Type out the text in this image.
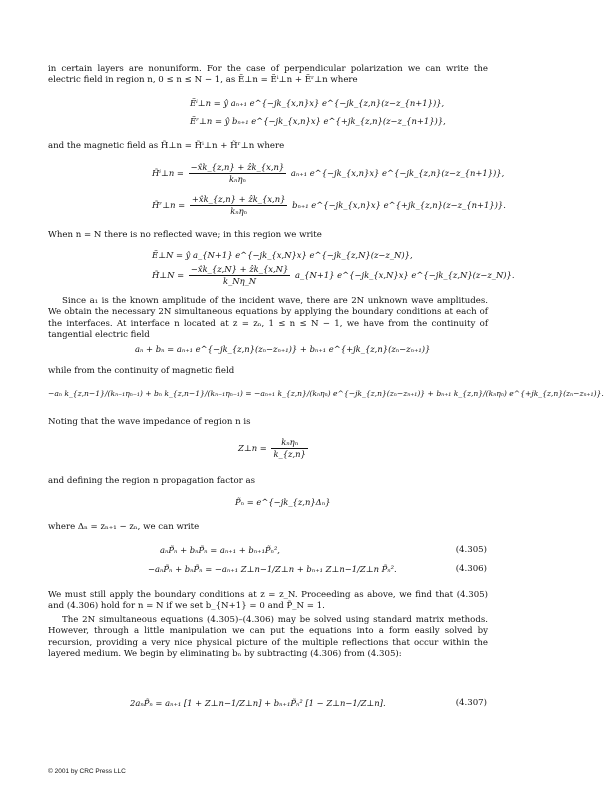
in certain layers are nonuniform. For the case of perpendicular polarization we can write the electric field in region n, 0 ≤ n ≤ N − 1, as Ẽ⊥n = Ẽⁱ⊥n + Ẽʳ⊥n where
Ẽⁱ⊥n = ŷ aₙ₊₁ e^{−jk_{x,n}x} e^{−jk_{z,n}(z−z_{n+1})},
Ẽʳ⊥n = ŷ bₙ₊₁ e^{−jk_{x,n}x} e^{+jk_{z,n}(z−z_{n+1})},
and the magnetic field as H̃⊥n = H̃ⁱ⊥n + H̃ʳ⊥n where
H̃ⁱ⊥n = $\frac{\text{−x̂k\_\{z,n\} + ẑk\_\{x,n\}}}{\text{kₙηₙ}} a_{n+1}$ e^{−jk_{x,n}x} e^{−jk_{z,n}(z−z_{n+1})},
H̃ʳ⊥n = $\frac{\text{+x̂k\_\{z,n\} + ẑk\_\{x,n\}}}{\text{kₙηₙ}} b_{n+1}$ e^{−jk_{x,n}x} e^{+jk_{z,n}(z−z_{n+1})}.
When n = N there is no reflected wave; in this region we write
Ẽ⊥N = ŷ a_{N+1} e^{−jk_{x,N}x} e^{−jk_{z,N}(z−z_N)},
H̃⊥N = $\frac{\text{−x̂k\_\{z,N\} + ẑk\_\{x,N\}}}{k\_N\eta\_N}$ a_{N+1} e^{−jk_{x,N}x} e^{−jk_{z,N}(z−z_N)}.
Since a₁ is the known amplitude of the incident wave, there are 2N unknown wave amplitudes. We obtain the necessary 2N simultaneous equations by applying the boundary conditions at each of the interfaces. At interface n located at z = zₙ, 1 ≤ n ≤ N − 1, we have from the continuity of tangential electric field
aₙ + bₙ = aₙ₊₁ e^{−jk_{z,n}(zₙ−zₙ₊₁)} + bₙ₊₁ e^{+jk_{z,n}(zₙ−zₙ₊₁)}
while from the continuity of magnetic field
−aₙ k_{z,n−1}/(kₙ₋₁ηₙ₋₁) + bₙ k_{z,n−1}/(kₙ₋₁ηₙ₋₁) = −aₙ₊₁ k_{z,n}/(kₙηₙ) e^{−jk_{z,n}(zₙ−zₙ₊₁)} + bₙ₊₁ k_{z,n}/(kₙηₙ) e^{+jk_{z,n}(zₙ−zₙ₊₁)}.
Noting that the wave impedance of region n is
Z⊥n = $\frac{\text{kₙηₙ}}{k\_\{z,n\}}$
and defining the region n propagation factor as
P̃ₙ = e^{−jk_{z,n}Δₙ}
where Δₙ = zₙ₊₁ − zₙ, we can write
aₙP̃ₙ + bₙP̃ₙ = aₙ₊₁ + bₙ₊₁P̃ₙ²,	(4.305)
−aₙP̃ₙ + bₙP̃ₙ = −aₙ₊₁ Z⊥n−1/Z⊥n + bₙ₊₁ Z⊥n−1/Z⊥n P̃ₙ².	(4.306)
We must still apply the boundary conditions at z = z_N. Proceeding as above, we find that (4.305) and (4.306) hold for n = N if we set b_{N+1} = 0 and P̃_N = 1.
The 2N simultaneous equations (4.305)–(4.306) may be solved using standard matrix methods. However, through a little manipulation we can put the equations into a form easily solved by recursion, providing a very nice physical picture of the multiple reflections that occur within the layered medium. We begin by eliminating bₙ by subtracting (4.306) from (4.305):
2aₙP̃ₙ = aₙ₊₁ [1 + Z⊥n−1/Z⊥n] + bₙ₊₁P̃ₙ² [1 − Z⊥n−1/Z⊥n].	(4.307)
© 2001 by CRC Press LLC
